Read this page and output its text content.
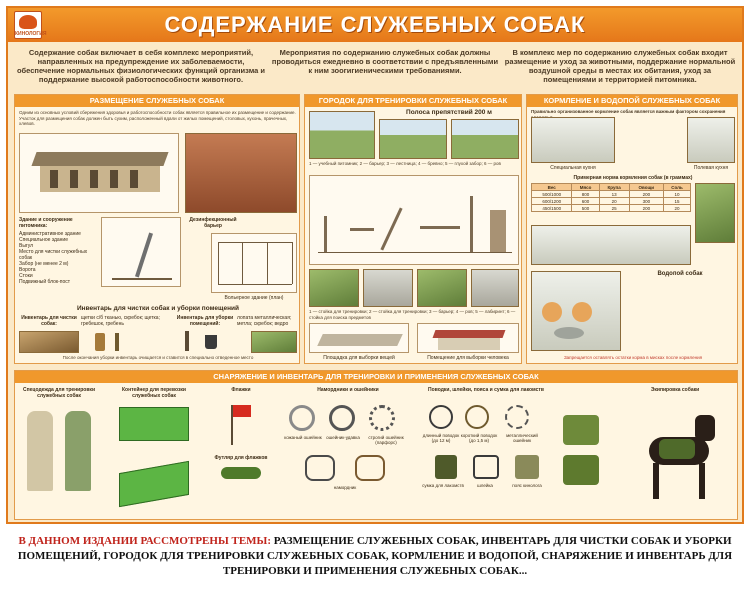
КИНОЛОГИЯ	СОДЕРЖАНИЕ СЛУЖЕБНЫХ СОБАК
Содержание собак включает в себя комплекс мероприятий, направленных на предупреждение их заболеваемости, обеспечение нормальных физиологических функций организма и поддержание высокой работоспособности животного.
Мероприятия по содержанию служебных собак должны проводиться ежедневно в соответствии с предъявленными к ним зоогигиеническими требованиями.
В комплекс мер по содержанию служебных собак входит размещение и уход за животными, поддержание нормальной воздушной среды в местах их обитания, уход за помещениями и территорией питомника.
РАЗМЕЩЕНИЕ СЛУЖЕБНЫХ СОБАК
Одним из основных условий сбережения здоровья и работоспособности собак является правильное их размещение и содержание. Участок для размещения собак должен быть сухим, расположенный вдали от жилых помещений, столовых, кухонь, прачечных, хлевов.
Здание и сооружение питомника:
Административное здание
Специальное здание
Выгул
Место для чистки служебных собак
Забор (не менее 2 м)
Ворота
Стоки
Подвижный блок-пост
Дезинфекционный барьер
Вольерное здание (план)
Инвентарь для чистки собак и уборки помещений
Инвентарь для чистки собак:
щетки с/б тканью, скребок; щетка; гребешок, гребень
Инвентарь для уборки помещений:
лопата металлическая; метла; скребок; ведро
После окончания уборки инвентарь очищается и ставится в специально отведенное место
ГОРОДОК ДЛЯ ТРЕНИРОВКИ СЛУЖЕБНЫХ СОБАК
Полоса препятствий 200 м
1 — учебный питомник; 2 — барьер; 3 — лестница; 4 — бревно; 5 — глухой забор; 6 — ров
1 — стойка для тренировки; 2 — стойка для тренировки; 3 — барьер; 4 — ров; 5 — лабиринт; 6 — стойка для поиска предметов
Площадка для выборки вещей	Помещение для выборки человека
КОРМЛЕНИЕ И ВОДОПОЙ СЛУЖЕБНЫХ СОБАК
Правильно организованное кормление собак является важным фактором сохранения
Специальная кухня	Полевая кухня
Примерная норма кормления собак (в граммах)
Вес	Мясо	Крупа	Овощи	Соль
500/1000	800	13	200	10
600/1200	600	20	300	15
450/1500	500	25	200	20
Водопой собак
Запрещается оставлять остатки корма в мисках после кормления
СНАРЯЖЕНИЕ И ИНВЕНТАРЬ ДЛЯ ТРЕНИРОВКИ И ПРИМЕНЕНИЯ СЛУЖЕБНЫХ СОБАК
Спецодежда для тренировки служебных собак
Контейнер для перевозки служебных собак
Флажки
Футляр для флажков
Намордники и ошейники
кожаный ошейник ошейник-удавка	строгий ошейник (парфорс)
намордник
Поводки, шлейки, пояса и сумка для лакомств
длинный поводок (до 12 м)
короткий поводок (до 1,5 м)
металлический ошейник
сумка для лакомств	шлейка	пояс кинолога
Экипировка собаки
В ДАННОМ ИЗДАНИИ РАССМОТРЕНЫ ТЕМЫ: РАЗМЕЩЕНИЕ СЛУЖЕБНЫХ СОБАК, ИНВЕНТАРЬ ДЛЯ ЧИСТКИ СОБАК И УБОРКИ ПОМЕЩЕНИЙ, ГОРОДОК ДЛЯ ТРЕНИРОВКИ СЛУЖЕБНЫХ СОБАК, КОРМЛЕНИЕ И ВОДОПОЙ, СНАРЯЖЕНИЕ И ИНВЕНТАРЬ ДЛЯ ТРЕНИРОВКИ И ПРИМЕНЕНИЯ СЛУЖЕБНЫХ СОБАК...
